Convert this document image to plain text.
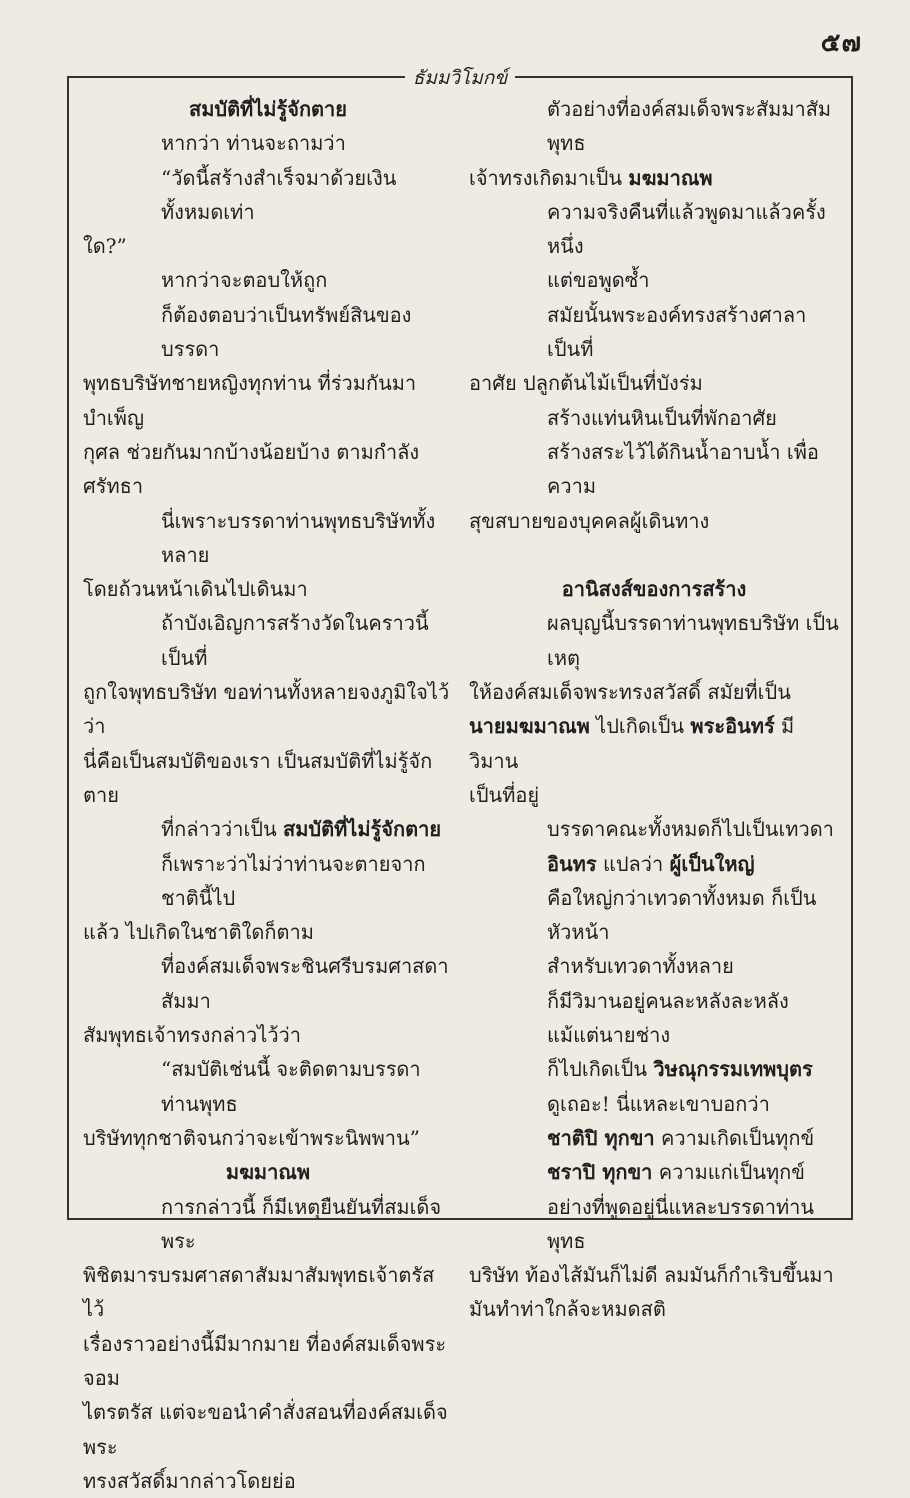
๕๗
ธัมมวิโมกข์

สมบัติที่ไม่รู้จักตาย

หากว่า ท่านจะถามว่า

“วัดนี้สร้างสำเร็จมาด้วยเงินทั้งหมดเท่า

ใด?”

หากว่าจะตอบให้ถูก

ก็ต้องตอบว่าเป็นทรัพย์สินของบรรดา

พุทธบริษัทชายหญิงทุกท่าน ที่ร่วมกันมาบำเพ็ญ

กุศล ช่วยกันมากบ้างน้อยบ้าง ตามกำลังศรัทธา

นี่เพราะบรรดาท่านพุทธบริษัททั้งหลาย

โดยถ้วนหน้าเดินไปเดินมา

ถ้าบังเอิญการสร้างวัดในคราวนี้ เป็นที่

ถูกใจพุทธบริษัท ขอท่านทั้งหลายจงภูมิใจไว้ว่า

นี่คือเป็นสมบัติของเรา เป็นสมบัติที่ไม่รู้จักตาย

ที่กล่าวว่าเป็น สมบัติที่ไม่รู้จักตาย

ก็เพราะว่าไม่ว่าท่านจะตายจากชาตินี้ไป

แล้ว ไปเกิดในชาติใดก็ตาม

ที่องค์สมเด็จพระชินศรีบรมศาสดาสัมมา

สัมพุทธเจ้าทรงกล่าวไว้ว่า

“สมบัติเช่นนี้ จะติดตามบรรดาท่านพุทธ

บริษัททุกชาติจนกว่าจะเข้าพระนิพพาน”

มฆมาณพ

การกล่าวนี้ ก็มีเหตุยืนยันที่สมเด็จพระ

พิชิตมารบรมศาสดาสัมมาสัมพุทธเจ้าตรัสไว้

เรื่องราวอย่างนี้มีมากมาย ที่องค์สมเด็จพระจอม

ไตรตรัส แต่จะขอนำคำสั่งสอนที่องค์สมเด็จพระ

ทรงสวัสดิ์มากล่าวโดยย่อ

ตัวอย่างที่องค์สมเด็จพระสัมมาสัมพุทธ

เจ้าทรงเกิดมาเป็น มฆมาณพ

ความจริงคืนที่แล้วพูดมาแล้วครั้งหนึ่ง

แต่ขอพูดซ้ำ

สมัยนั้นพระองค์ทรงสร้างศาลาเป็นที่

อาศัย ปลูกต้นไม้เป็นที่บังร่ม

สร้างแท่นหินเป็นที่พักอาศัย

สร้างสระไว้ได้กินน้ำอาบน้ำ เพื่อความ

สุขสบายของบุคคลผู้เดินทาง

อานิสงส์ของการสร้าง

ผลบุญนี้บรรดาท่านพุทธบริษัท เป็นเหตุ

ให้องค์สมเด็จพระทรงสวัสดิ์ สมัยที่เป็น

นายมฆมาณพ ไปเกิดเป็น พระอินทร์ มีวิมาน

เป็นที่อยู่

บรรดาคณะทั้งหมดก็ไปเป็นเทวดา

อินทร แปลว่า ผู้เป็นใหญ่

คือใหญ่กว่าเทวดาทั้งหมด ก็เป็นหัวหน้า

สำหรับเทวดาทั้งหลาย

ก็มีวิมานอยู่คนละหลังละหลัง

แม้แต่นายช่าง

ก็ไปเกิดเป็น วิษณุกรรมเทพบุตร

ดูเถอะ! นี่แหละเขาบอกว่า

ชาติปิ ทุกขา ความเกิดเป็นทุกข์

ชราปิ ทุกขา ความแก่เป็นทุกข์

อย่างที่พูดอยู่นี่แหละบรรดาท่านพุทธ

บริษัท ท้องไส้มันก็ไม่ดี ลมมันก็กำเริบขึ้นมา

มันทำท่าใกล้จะหมดสติ
